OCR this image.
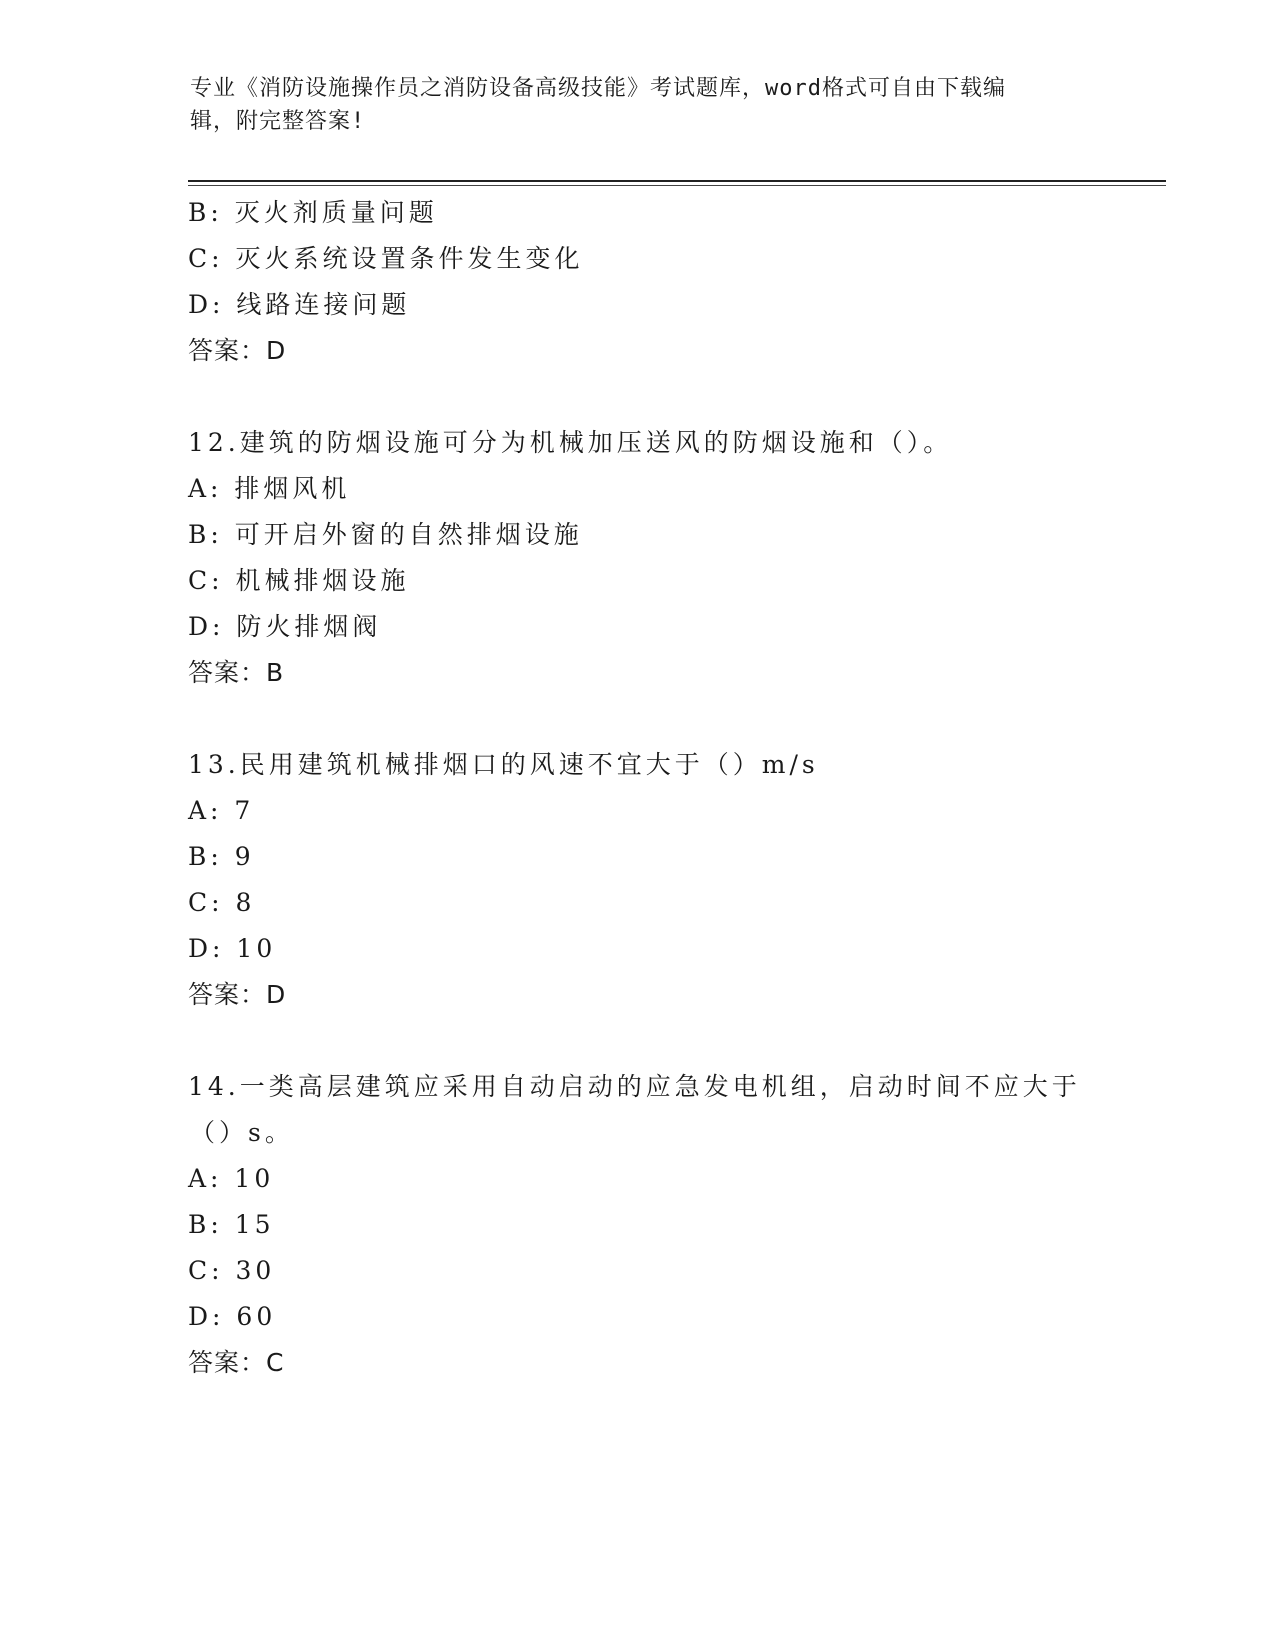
专业《消防设施操作员之消防设备高级技能》考试题库，word格式可自由下载编
辑，附完整答案!
B: 灭火剂质量问题
C: 灭火系统设置条件发生变化
D: 线路连接问题
答案：D
12.建筑的防烟设施可分为机械加压送风的防烟设施和（）。
A: 排烟风机
B: 可开启外窗的自然排烟设施
C: 机械排烟设施
D: 防火排烟阀
答案：B
13.民用建筑机械排烟口的风速不宜大于（）m/s
A: 7
B: 9
C: 8
D: 10
答案：D
14.一类高层建筑应采用自动启动的应急发电机组，启动时间不应大于
（）s。
A: 10
B: 15
C: 30
D: 60
答案：C
